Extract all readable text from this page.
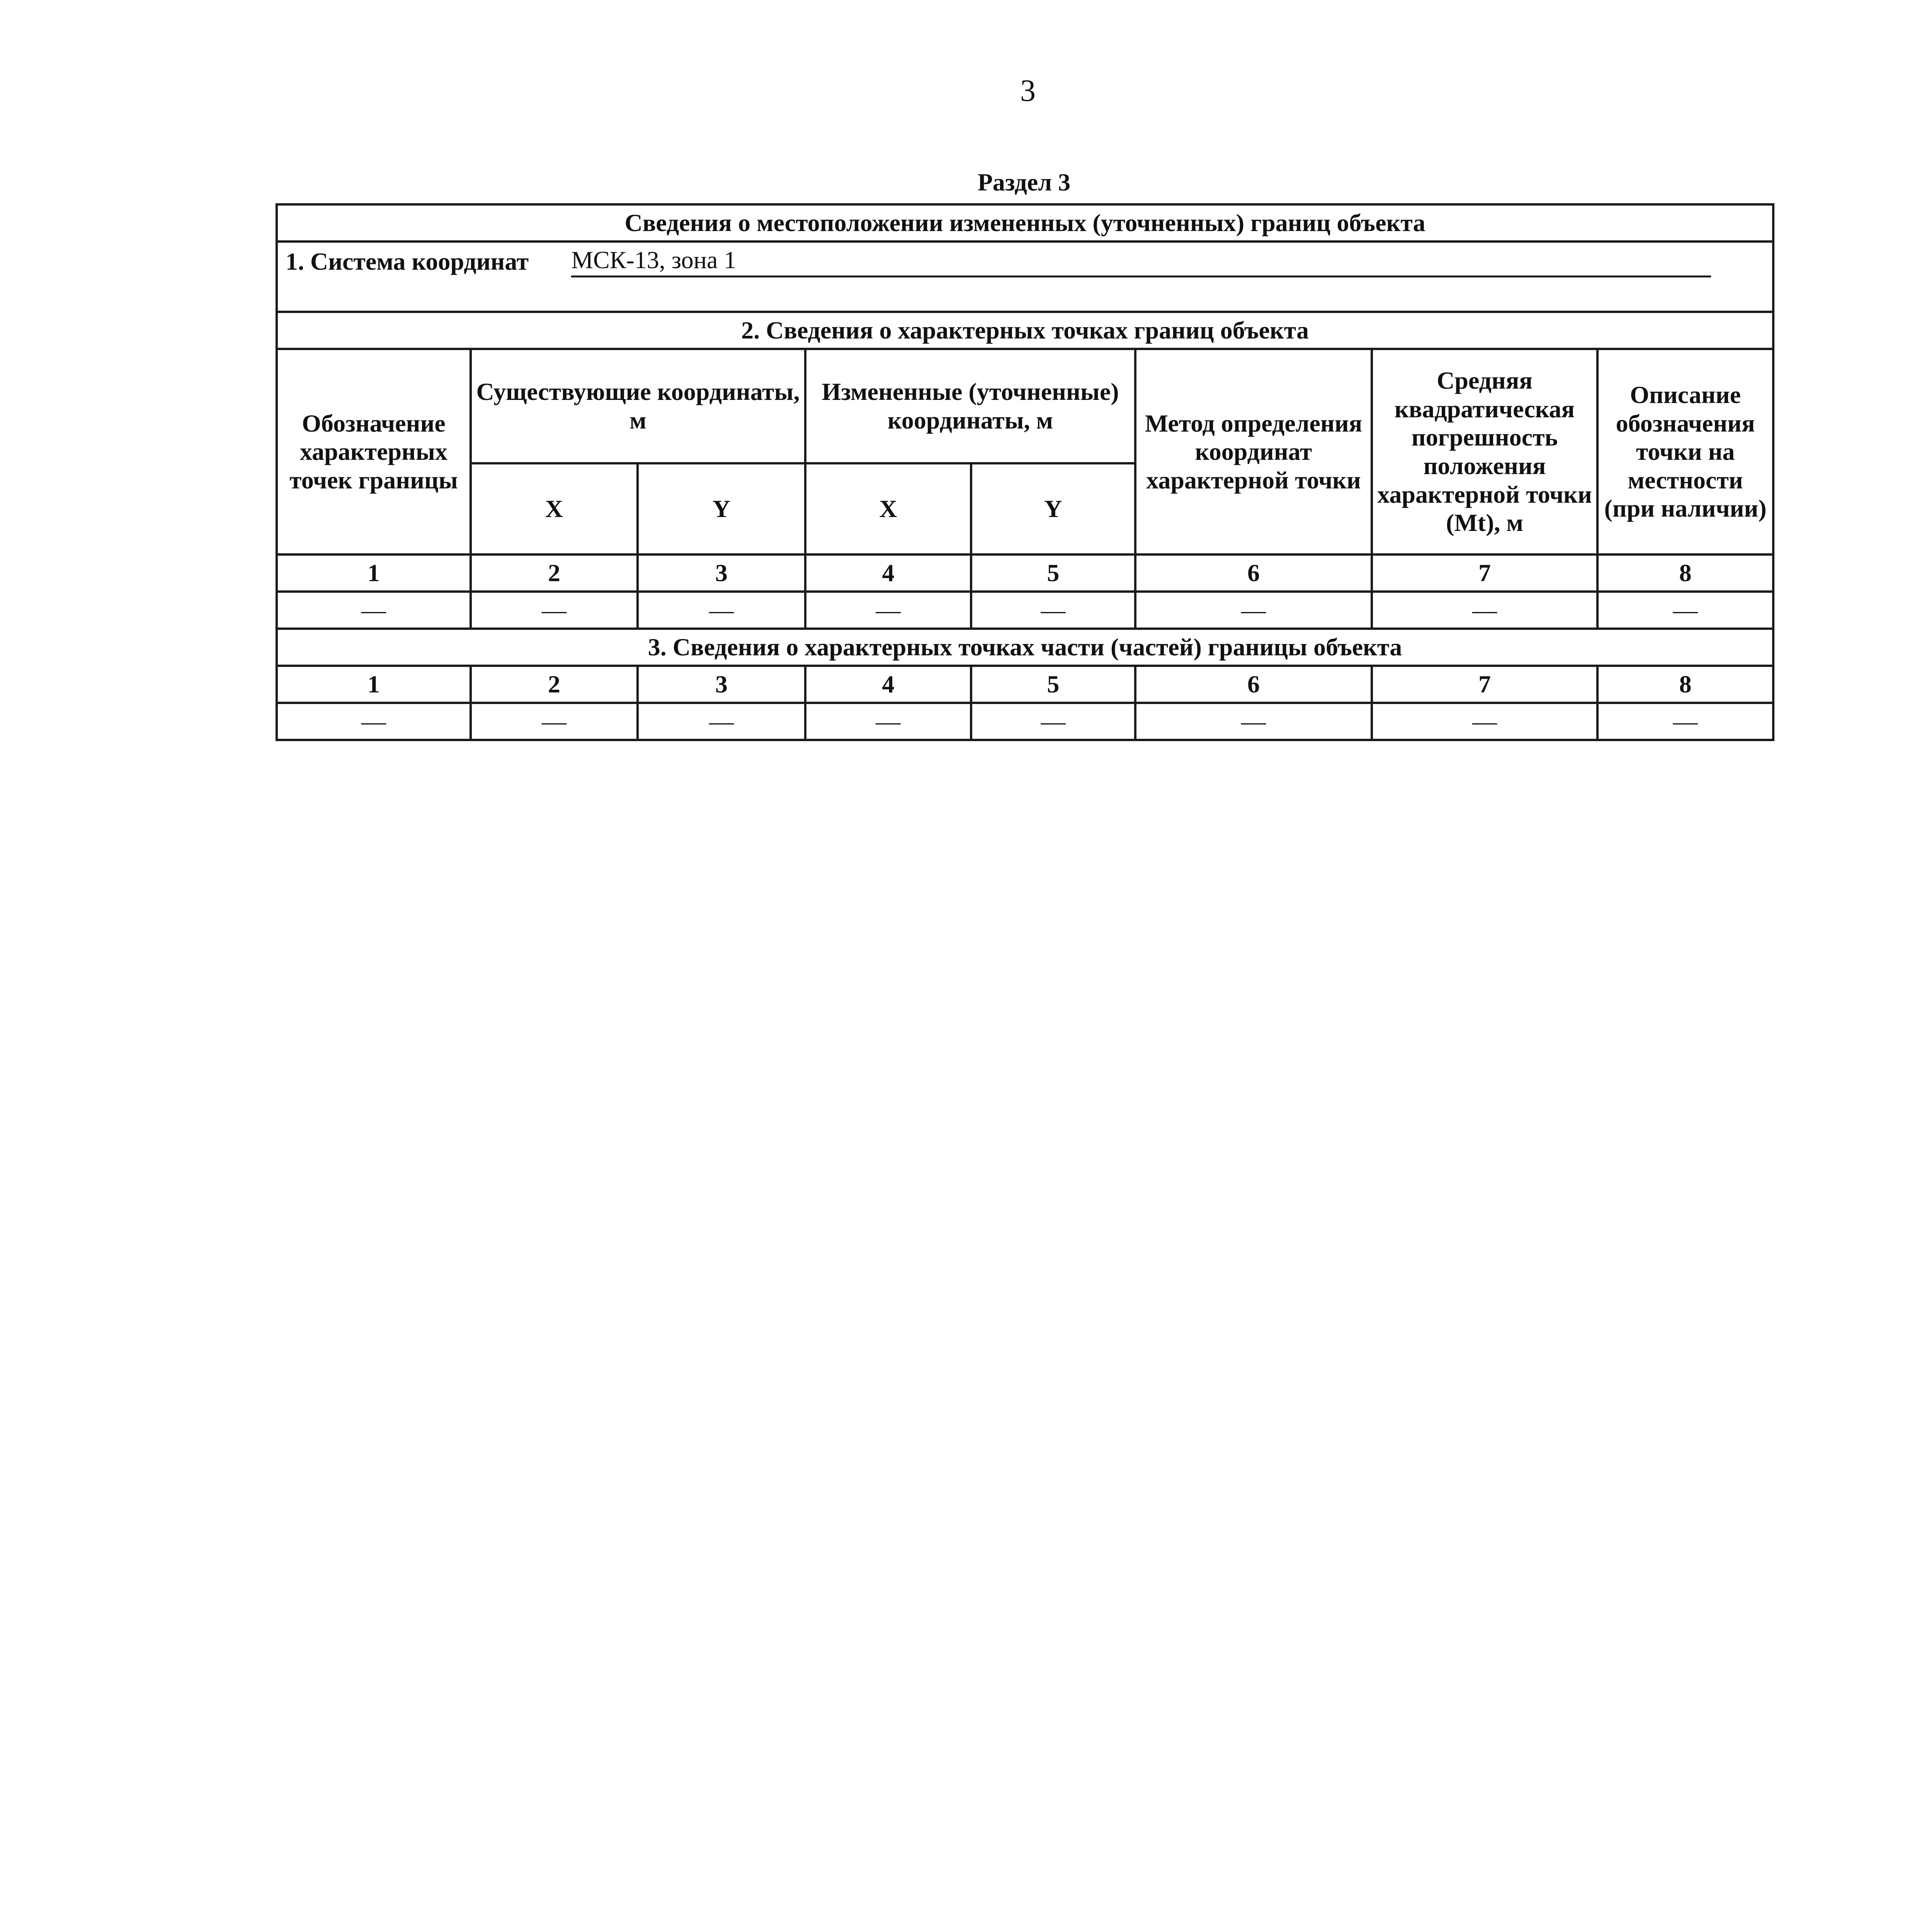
3
Раздел 3
Сведения о местоположении измененных (уточненных) границ объекта							
1. Система координат МСК-13, зона 1							

2. Сведения о характерных точках границ объекта							
Обозначение характерных точек границы	Существующие координаты, м		Измененные (уточненные) координаты, м		Метод определения координат характерной точки	Средняя квадратическая погрешность положения характерной точки (Mt), м	Описание обозначения точки на местности (при наличии)
	X	Y	X	Y			
1	2	3	4	5	6	7	8
—	—	—	—	—	—	—	—
3. Сведения о характерных точках части (частей) границы объекта							
1	2	3	4	5	6	7	8
—	—	—	—	—	—	—	—
